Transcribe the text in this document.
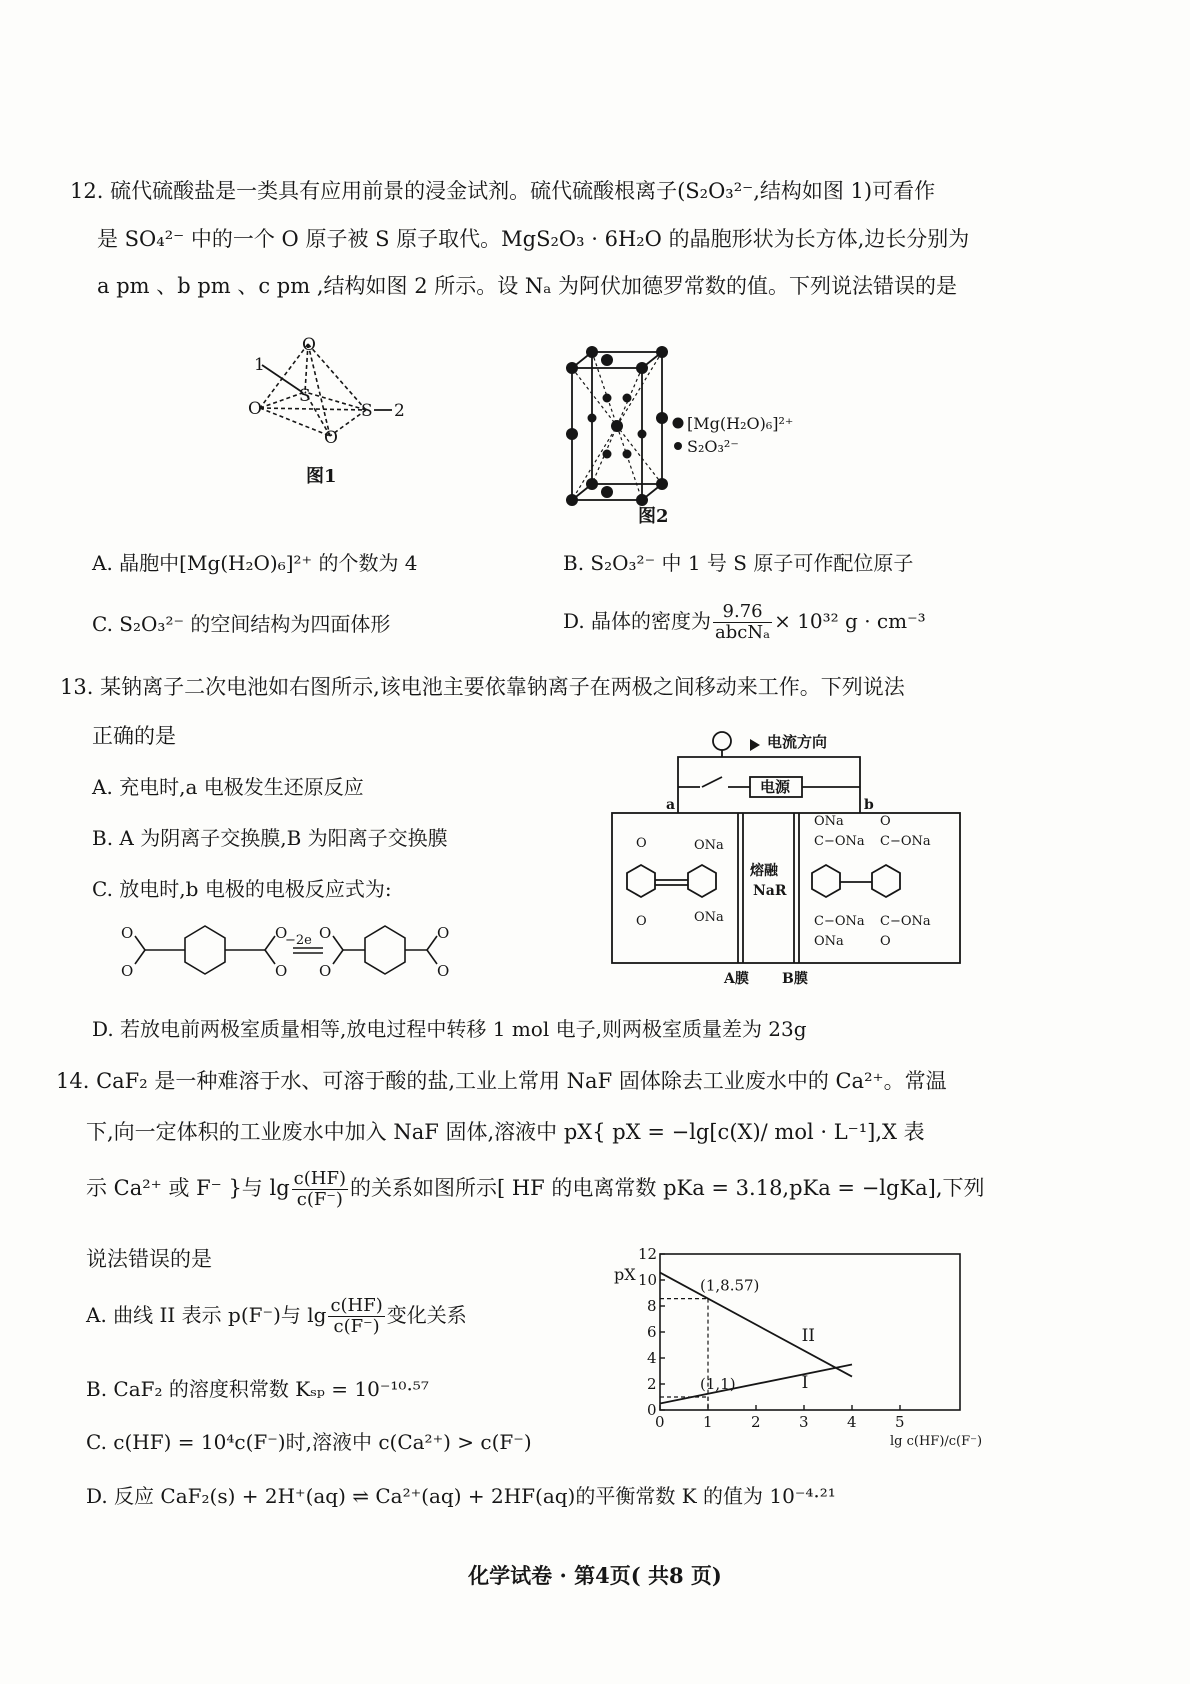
12. 硫代硫酸盐是一类具有应用前景的浸金试剂。硫代硫酸根离子(S₂O₃²⁻,结构如图 1)可看作
是 SO₄²⁻ 中的一个 O 原子被 S 原子取代。MgS₂O₃ · 6H₂O 的晶胞形状为长方体,边长分别为
a pm 、b pm 、c pm ,结构如图 2 所示。设 Nₐ 为阿伏加德罗常数的值。下列说法错误的是
O
O
O
S
S
1
2
图1
[Mg(H₂O)₆]²⁺
S₂O₃²⁻
图2
A. 晶胞中[Mg(H₂O)₆]²⁺ 的个数为 4	B. S₂O₃²⁻ 中 1 号 S 原子可作配位原子
C. S₂O₃²⁻ 的空间结构为四面体形	D. 晶体的密度为 $\frac{9.76}{\text{abcNₐ}} \times 10^{32}$ g · cm⁻³
13. 某钠离子二次电池如右图所示,该电池主要依靠钠离子在两极之间移动来工作。下列说法
正确的是
A. 充电时,a 电极发生还原反应
B. A 为阴离子交换膜,B 为阳离子交换膜
C. 放电时,b 电极的电极反应式为:
O
O
O
O
−2e O
O
O
O
电流方向
电源
a	b
熔融
NaR
O
O
ONa
ONa
ONa
C−ONa
C−ONa
ONa
O
C−ONa
C−ONa
O
A膜 B膜
D. 若放电前两极室质量相等,放电过程中转移 1 mol 电子,则两极室质量差为 23g
14. CaF₂ 是一种难溶于水、可溶于酸的盐,工业上常用 NaF 固体除去工业废水中的 Ca²⁺。常温
下,向一定体积的工业废水中加入 NaF 固体,溶液中 pX{ pX = −lg[c(X)/ mol · L⁻¹],X 表
示 Ca²⁺ 或 F⁻ }与 $\lg \frac{c(HF)}{c(F^-)}$ 的关系如图所示[ HF 的电离常数 pKa = 3.18,pKa = −lgKa],下列
说法错误的是
A. 曲线 II 表示 p(F⁻)与 $\lg \frac{c(HF)}{c(F^-)}$ 变化关系
B. CaF₂ 的溶度积常数 Kₛₚ = 10⁻¹⁰·⁵⁷
C. c(HF) = 10⁴c(F⁻)时,溶液中 c(Ca²⁺) > c(F⁻)
D. 反应 CaF₂(s) + 2H⁺(aq) ⇌ Ca²⁺(aq) + 2HF(aq)的平衡常数 K 的值为 10⁻⁴·²¹
pX
lg c(HF)/c(F⁻)
0	1	2	3	4	5
0
2
4
6
8
10
12
II
I
(1,8.57)
(1,1)
化学试卷 · 第4页( 共8 页)
